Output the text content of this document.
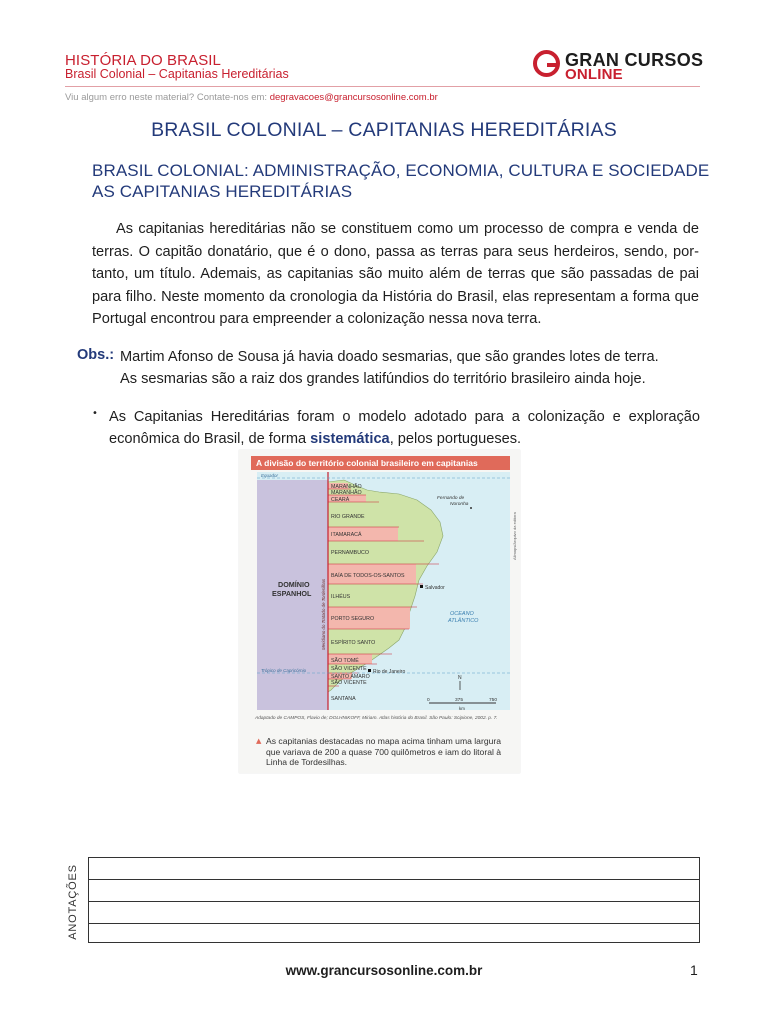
HISTÓRIA DO BRASIL
Brasil Colonial – Capitanias Hereditárias
GRAN CURSOS
ONLINE
Viu algum erro neste material? Contate-nos em: degravacoes@grancursosonline.com.br
BRASIL COLONIAL – CAPITANIAS HEREDITÁRIAS
BRASIL COLONIAL: ADMINISTRAÇÃO, ECONOMIA, CULTURA E SOCIEDADE
AS CAPITANIAS HEREDITÁRIAS
As capitanias hereditárias não se constituem como um processo de compra e venda de
terras. O capitão donatário, que é o dono, passa as terras para seus herdeiros, sendo, por-
tanto, um título. Ademais, as capitanias são muito além de terras que são passadas de pai
para filho. Neste momento da cronologia da História do Brasil, elas representam a forma que
Portugal encontrou para empreender a colonização nessa nova terra.
Obs.: Martim Afonso de Sousa já havia doado sesmarias, que são grandes lotes de terra.
As sesmarias são a raiz dos grandes latifúndios do território brasileiro ainda hoje.
• As Capitanias Hereditárias foram o modelo adotado para a colonização e exploração
econômica do Brasil, de forma sistemática, pelos portugueses.
A divisão do território colonial brasileiro em capitanias
Equador
Trópico de Capricórnio
Meridiano do Tratado de Tordesilhas
Allmaps/Arquivo da editora
MARANHÃO
MARANHÃO
CEARÁ
RIO GRANDE
ITAMARACÁ
PERNAMBUCO
BAÍA DE TODOS-OS-SANTOS
ILHÉUS
PORTO SEGURO
ESPÍRITO SANTO
SÃO TOMÉ
SÃO VICENTE
SANTO AMARO
SÃO VICENTE
SANTANA
DOMÍNIO
ESPANHOL
OCEANO
ATLÂNTICO
Fernando de
Noronha
Salvador
Rio de Janeiro
N
0	375	750
km
Adaptado de CAMPOS, Flavio de; DOLHNIKOFF, Miriam. Atlas história do Brasil. São Paulo: Scipione, 2002. p. 7.
▲ As capitanias destacadas no mapa acima tinham uma largura que variava de 200 a quase 700 quilômetros e iam do litoral à Linha de Tordesilhas.
ANOTAÇÕES
www.grancursosonline.com.br	1
